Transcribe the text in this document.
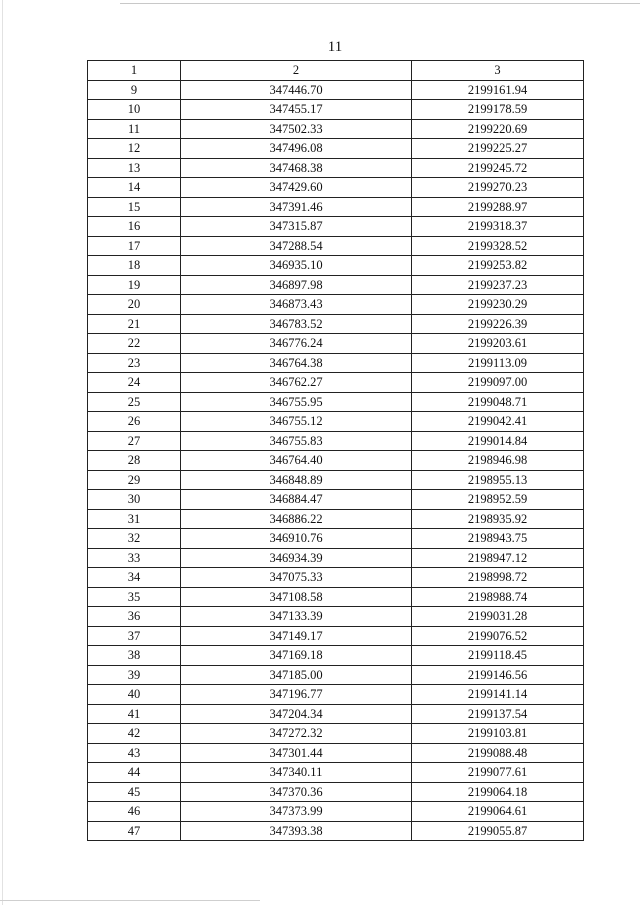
11
1	2	3
9	347446.70	2199161.94
10	347455.17	2199178.59
11	347502.33	2199220.69
12	347496.08	2199225.27
13	347468.38	2199245.72
14	347429.60	2199270.23
15	347391.46	2199288.97
16	347315.87	2199318.37
17	347288.54	2199328.52
18	346935.10	2199253.82
19	346897.98	2199237.23
20	346873.43	2199230.29
21	346783.52	2199226.39
22	346776.24	2199203.61
23	346764.38	2199113.09
24	346762.27	2199097.00
25	346755.95	2199048.71
26	346755.12	2199042.41
27	346755.83	2199014.84
28	346764.40	2198946.98
29	346848.89	2198955.13
30	346884.47	2198952.59
31	346886.22	2198935.92
32	346910.76	2198943.75
33	346934.39	2198947.12
34	347075.33	2198998.72
35	347108.58	2198988.74
36	347133.39	2199031.28
37	347149.17	2199076.52
38	347169.18	2199118.45
39	347185.00	2199146.56
40	347196.77	2199141.14
41	347204.34	2199137.54
42	347272.32	2199103.81
43	347301.44	2199088.48
44	347340.11	2199077.61
45	347370.36	2199064.18
46	347373.99	2199064.61
47	347393.38	2199055.87
